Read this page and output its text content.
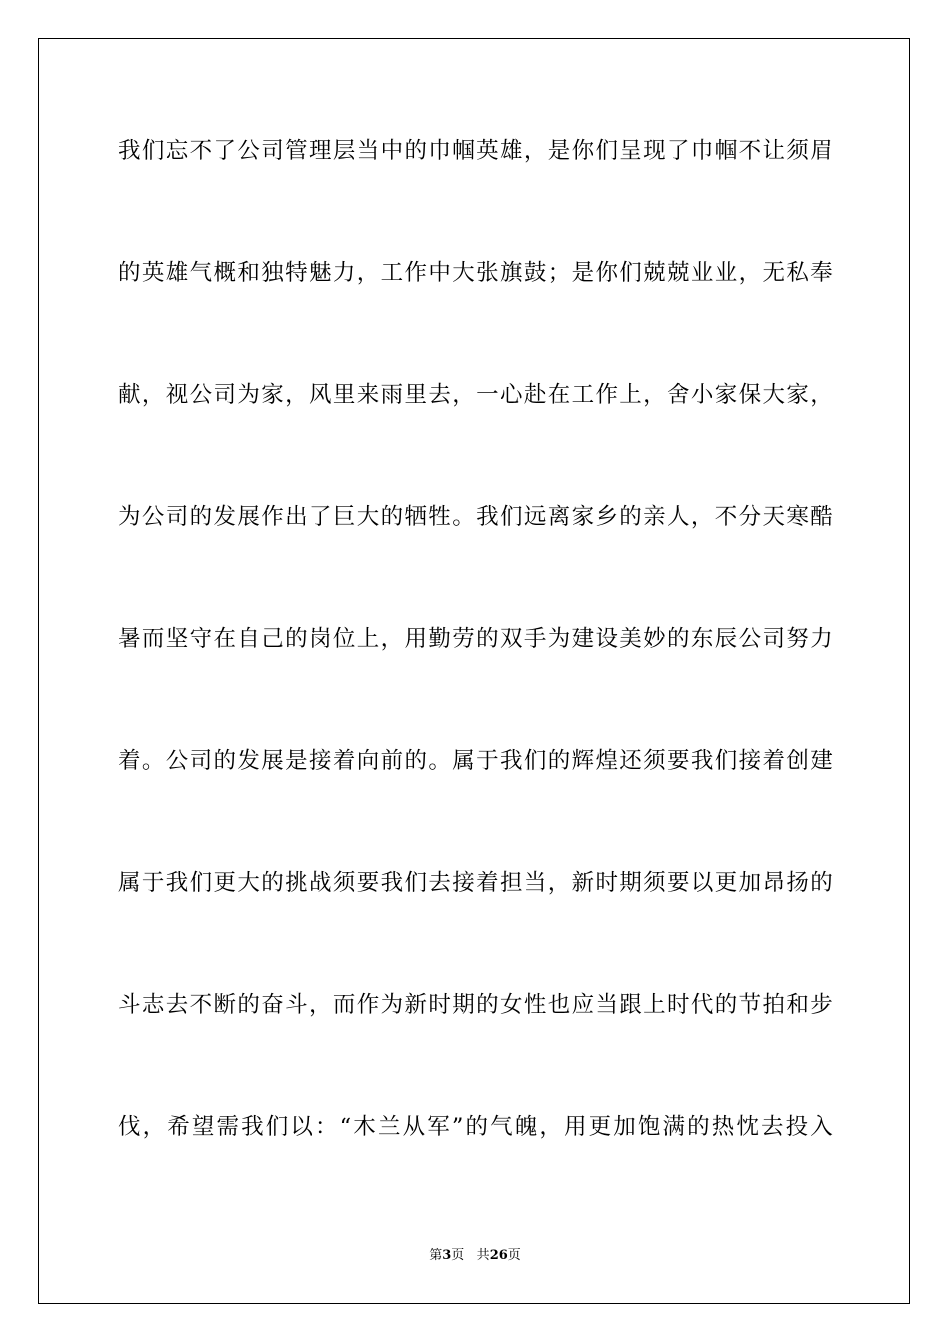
我们忘不了公司管理层当中的巾帼英雄，是你们呈现了巾帼不让须眉
的英雄气概和独特魅力，工作中大张旗鼓；是你们兢兢业业，无私奉
献，视公司为家，风里来雨里去，一心赴在工作上，舍小家保大家，
为公司的发展作出了巨大的牺牲。我们远离家乡的亲人，不分天寒酷
暑而坚守在自己的岗位上，用勤劳的双手为建设美妙的东辰公司努力
着。公司的发展是接着向前的。属于我们的辉煌还须要我们接着创建
属于我们更大的挑战须要我们去接着担当，新时期须要以更加昂扬的
斗志去不断的奋斗，而作为新时期的女性也应当跟上时代的节拍和步
伐，希望需我们以：“木兰从军”的气魄，用更加饱满的热忱去投入
第3页 共26页
